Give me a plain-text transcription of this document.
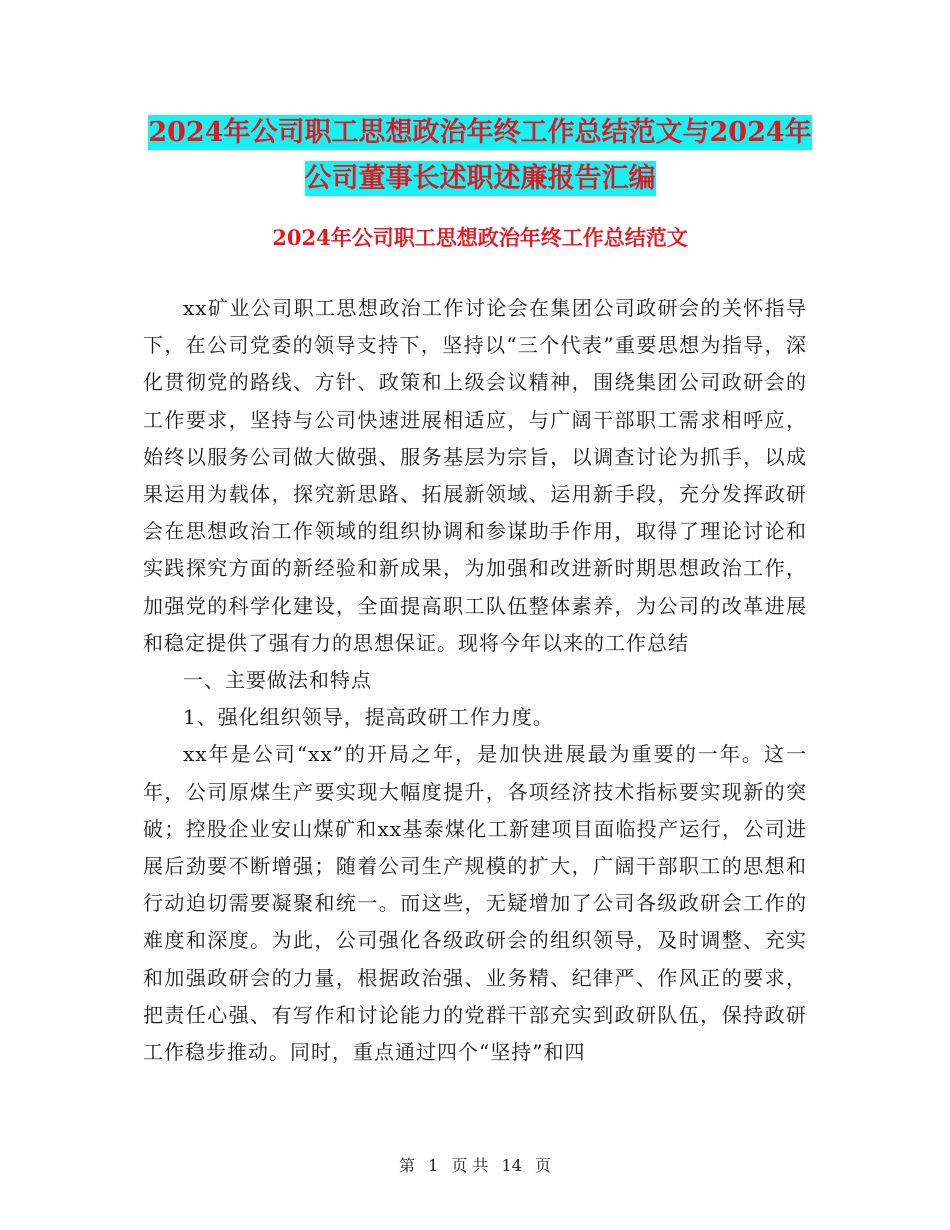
2024年公司职工思想政治年终工作总结范文与2024年
公司董事长述职述廉报告汇编
2024年公司职工思想政治年终工作总结范文

xx矿业公司职工思想政治工作讨论会在集团公司政研会的关怀指导下，在公司党委的领导支持下，坚持以“三个代表”重要思想为指导，深化贯彻党的路线、方针、政策和上级会议精神，围绕集团公司政研会的工作要求，坚持与公司快速进展相适应，与广阔干部职工需求相呼应，始终以服务公司做大做强、服务基层为宗旨，以调查讨论为抓手，以成果运用为载体，探究新思路、拓展新领域、运用新手段，充分发挥政研会在思想政治工作领域的组织协调和参谋助手作用，取得了理论讨论和实践探究方面的新经验和新成果，为加强和改进新时期思想政治工作，加强党的科学化建设，全面提高职工队伍整体素养，为公司的改革进展和稳定提供了强有力的思想保证。现将今年以来的工作总结

一、主要做法和特点

1、强化组织领导，提高政研工作力度。

xx年是公司“xx”的开局之年，是加快进展最为重要的一年。这一年，公司原煤生产要实现大幅度提升，各项经济技术指标要实现新的突破；控股企业安山煤矿和xx基泰煤化工新建项目面临投产运行，公司进展后劲要不断增强；随着公司生产规模的扩大，广阔干部职工的思想和行动迫切需要凝聚和统一。而这些，无疑增加了公司各级政研会工作的难度和深度。为此，公司强化各级政研会的组织领导，及时调整、充实和加强政研会的力量，根据政治强、业务精、纪律严、作风正的要求，把责任心强、有写作和讨论能力的党群干部充实到政研队伍，保持政研工作稳步推动。同时，重点通过四个“坚持”和四

第 1 页 共 14 页
